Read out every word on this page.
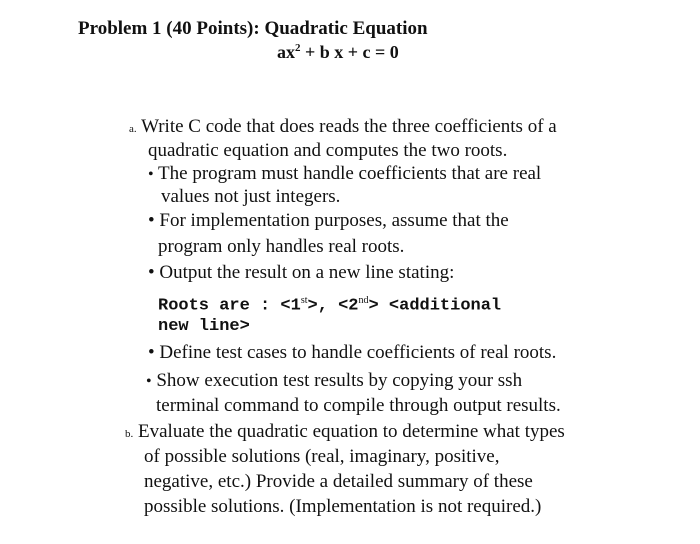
Problem 1 (40 Points): Quadratic Equation
$ax^2 + b$ x + c = 0
a. Write C code that does reads the three coefficients of a
quadratic equation and computes the two roots.
• The program must handle coefficients that are real
values not just integers.
• For implementation purposes, assume that the
program only handles real roots.
• Output the result on a new line stating:
Roots are : <1st>, <2nd> <additional
new line>
• Define test cases to handle coefficients of real roots.
• Show execution test results by copying your ssh
terminal command to compile through output results.
b. Evaluate the quadratic equation to determine what types
of possible solutions (real, imaginary, positive,
negative, etc.) Provide a detailed summary of these
possible solutions. (Implementation is not required.)
